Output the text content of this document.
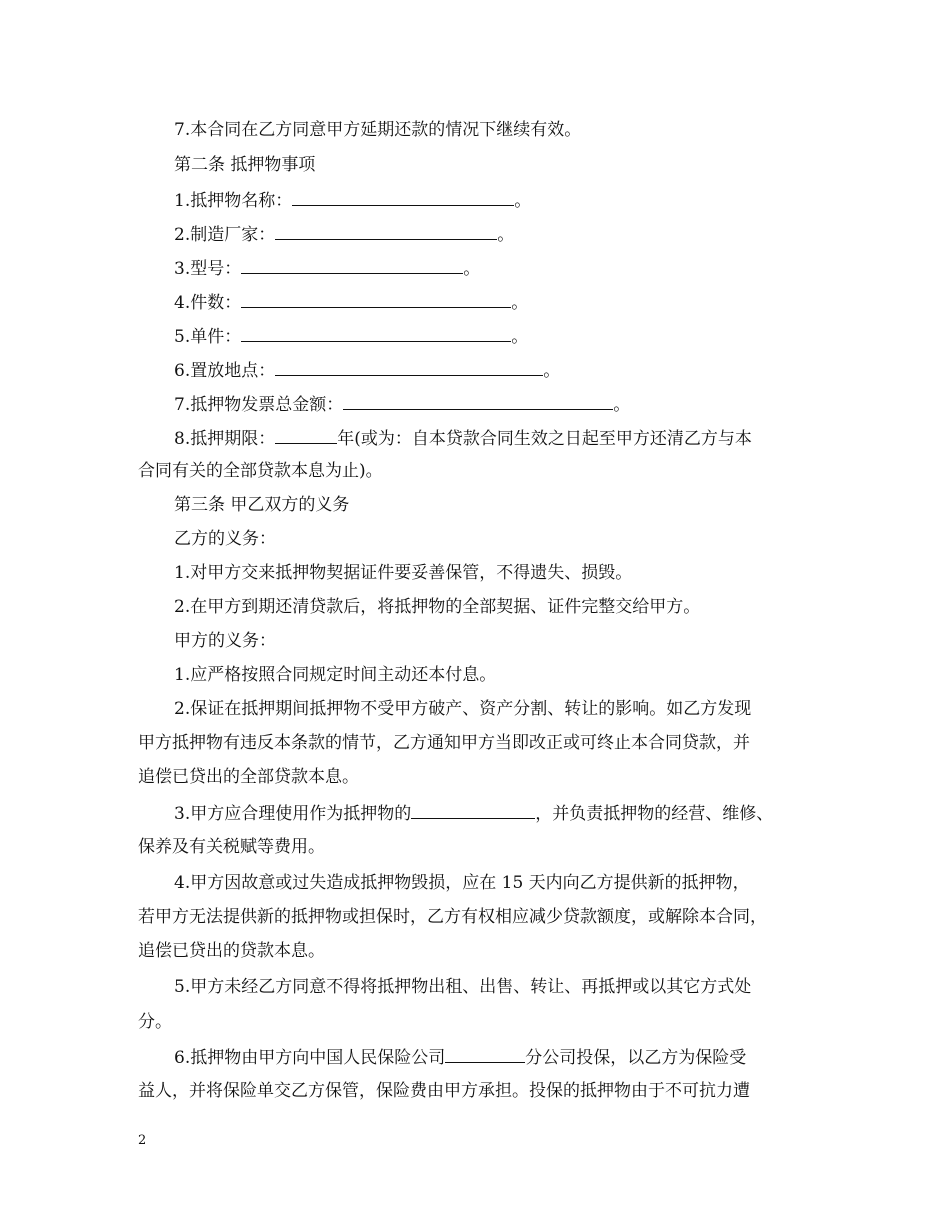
7.本合同在乙方同意甲方延期还款的情况下继续有效。
第二条 抵押物事项
1.抵押物名称：	。
2.制造厂家：	。
3.型号：	。
4.件数：	。
5.单件：	。
6.置放地点：	。
7.抵押物发票总金额：	。
8.抵押期限：	年(或为：自本贷款合同生效之日起至甲方还清乙方与本
合同有关的全部贷款本息为止)。
第三条 甲乙双方的义务
乙方的义务：
1.对甲方交来抵押物契据证件要妥善保管，不得遗失、损毁。
2.在甲方到期还清贷款后，将抵押物的全部契据、证件完整交给甲方。
甲方的义务：
1.应严格按照合同规定时间主动还本付息。
2.保证在抵押期间抵押物不受甲方破产、资产分割、转让的影响。如乙方发现
甲方抵押物有违反本条款的情节，乙方通知甲方当即改正或可终止本合同贷款，并
追偿已贷出的全部贷款本息。
3.甲方应合理使用作为抵押物的	，并负责抵押物的经营、维修、
保养及有关税赋等费用。
4.甲方因故意或过失造成抵押物毁损，应在 15 天内向乙方提供新的抵押物，
若甲方无法提供新的抵押物或担保时，乙方有权相应减少贷款额度，或解除本合同，
追偿已贷出的贷款本息。
5.甲方未经乙方同意不得将抵押物出租、出售、转让、再抵押或以其它方式处
分。
6.抵押物由甲方向中国人民保险公司	分公司投保，以乙方为保险受
益人，并将保险单交乙方保管，保险费由甲方承担。投保的抵押物由于不可抗力遭
2
